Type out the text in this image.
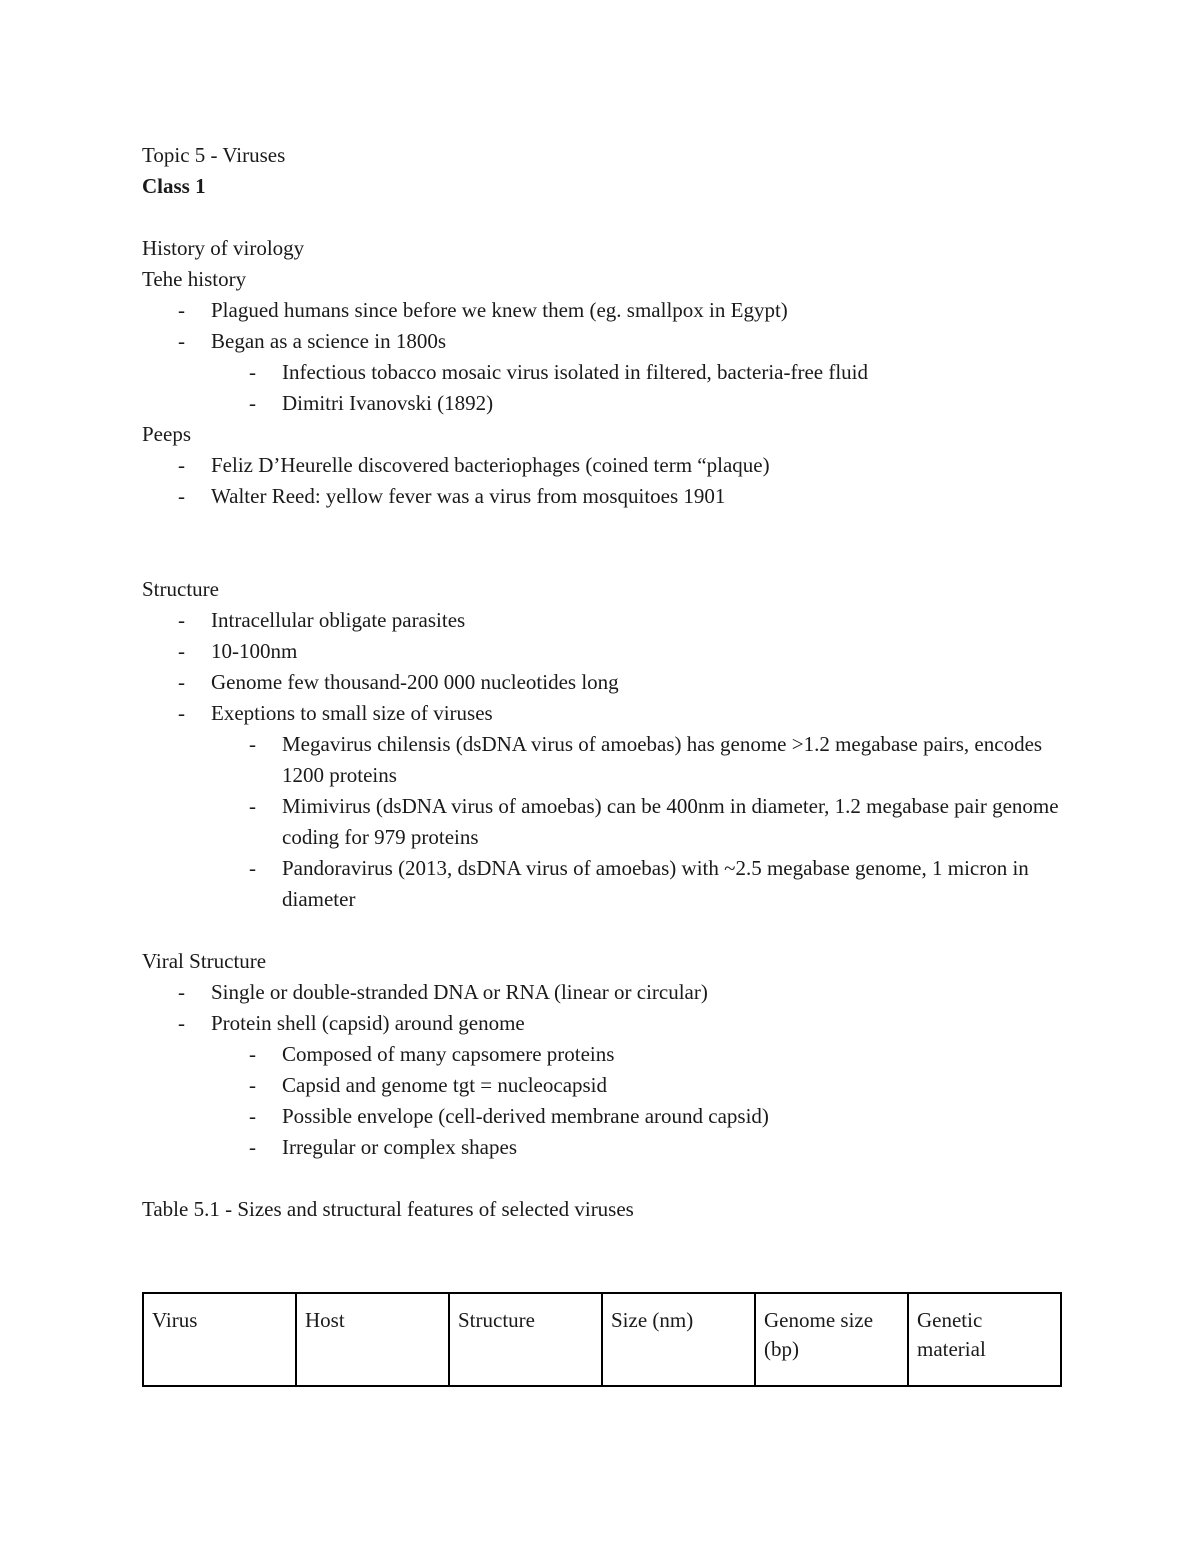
Topic 5 - Viruses
Class 1
History of virology
Tehe history
- Plagued humans since before we knew them (eg. smallpox in Egypt)
- Began as a science in 1800s
- Infectious tobacco mosaic virus isolated in filtered, bacteria-free fluid
- Dimitri Ivanovski (1892)
Peeps
- Feliz D’Heurelle discovered bacteriophages (coined term “plaque)
- Walter Reed: yellow fever was a virus from mosquitoes 1901
Structure
- Intracellular obligate parasites
- 10-100nm
- Genome few thousand-200 000 nucleotides long
- Exeptions to small size of viruses
- Megavirus chilensis (dsDNA virus of amoebas) has genome >1.2 megabase pairs, encodes 1200 proteins
- Mimivirus (dsDNA virus of amoebas) can be 400nm in diameter, 1.2 megabase pair genome coding for 979 proteins
- Pandoravirus (2013, dsDNA virus of amoebas) with ~2.5 megabase genome, 1 micron in diameter
Viral Structure
- Single or double-stranded DNA or RNA (linear or circular)
- Protein shell (capsid) around genome
- Composed of many capsomere proteins
- Capsid and genome tgt = nucleocapsid
- Possible envelope (cell-derived membrane around capsid)
- Irregular or complex shapes
Table 5.1 - Sizes and structural features of selected viruses
Virus	Host	Structure	Size (nm)	Genome size (bp)	Genetic material
